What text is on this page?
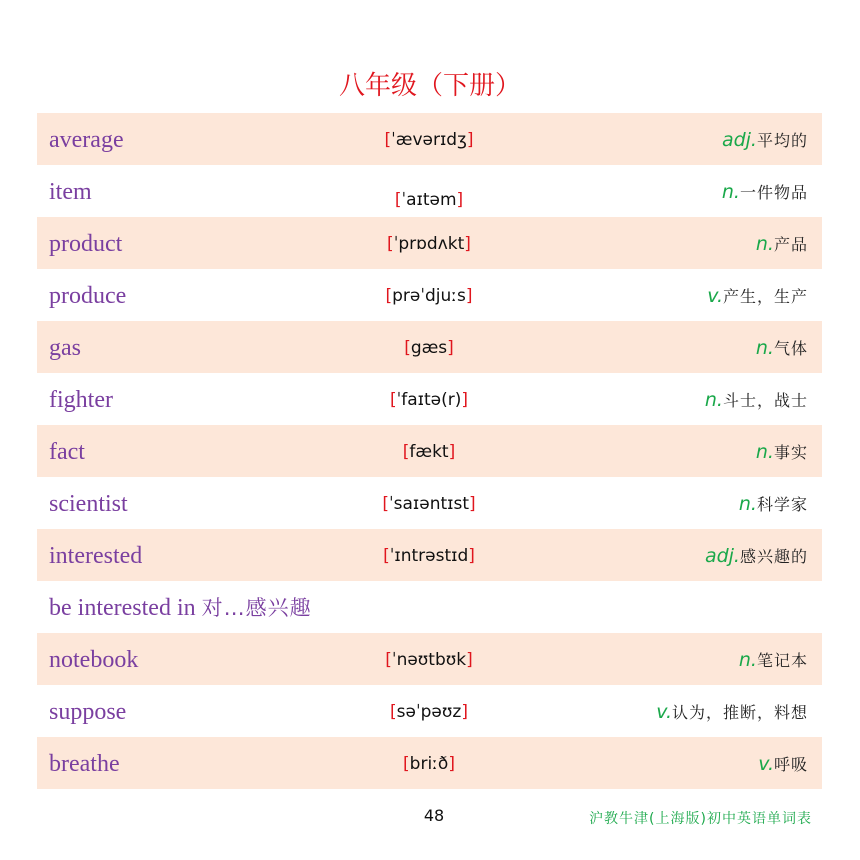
八年级（下册）
average	[ˈævərɪdʒ]	adj.平均的
item	[ˈaɪtəm]	n.一件物品
product	[ˈprɒdʌkt]	n.产品
produce	[prəˈdjuːs]	v.产生，生产
gas	[gæs]	n.气体
fighter	[ˈfaɪtə(r)]	n.斗士，战士
fact	[fækt]	n.事实
scientist	[ˈsaɪəntɪst]	n.科学家
interested	[ˈɪntrəstɪd]	adj.感兴趣的
be interested in 对…感兴趣
notebook	[ˈnəʊtbʊk]	n.笔记本
suppose	[səˈpəʊz]	v.认为，推断，料想
breathe	[briːð]	v.呼吸
48	沪教牛津(上海版)初中英语单词表
